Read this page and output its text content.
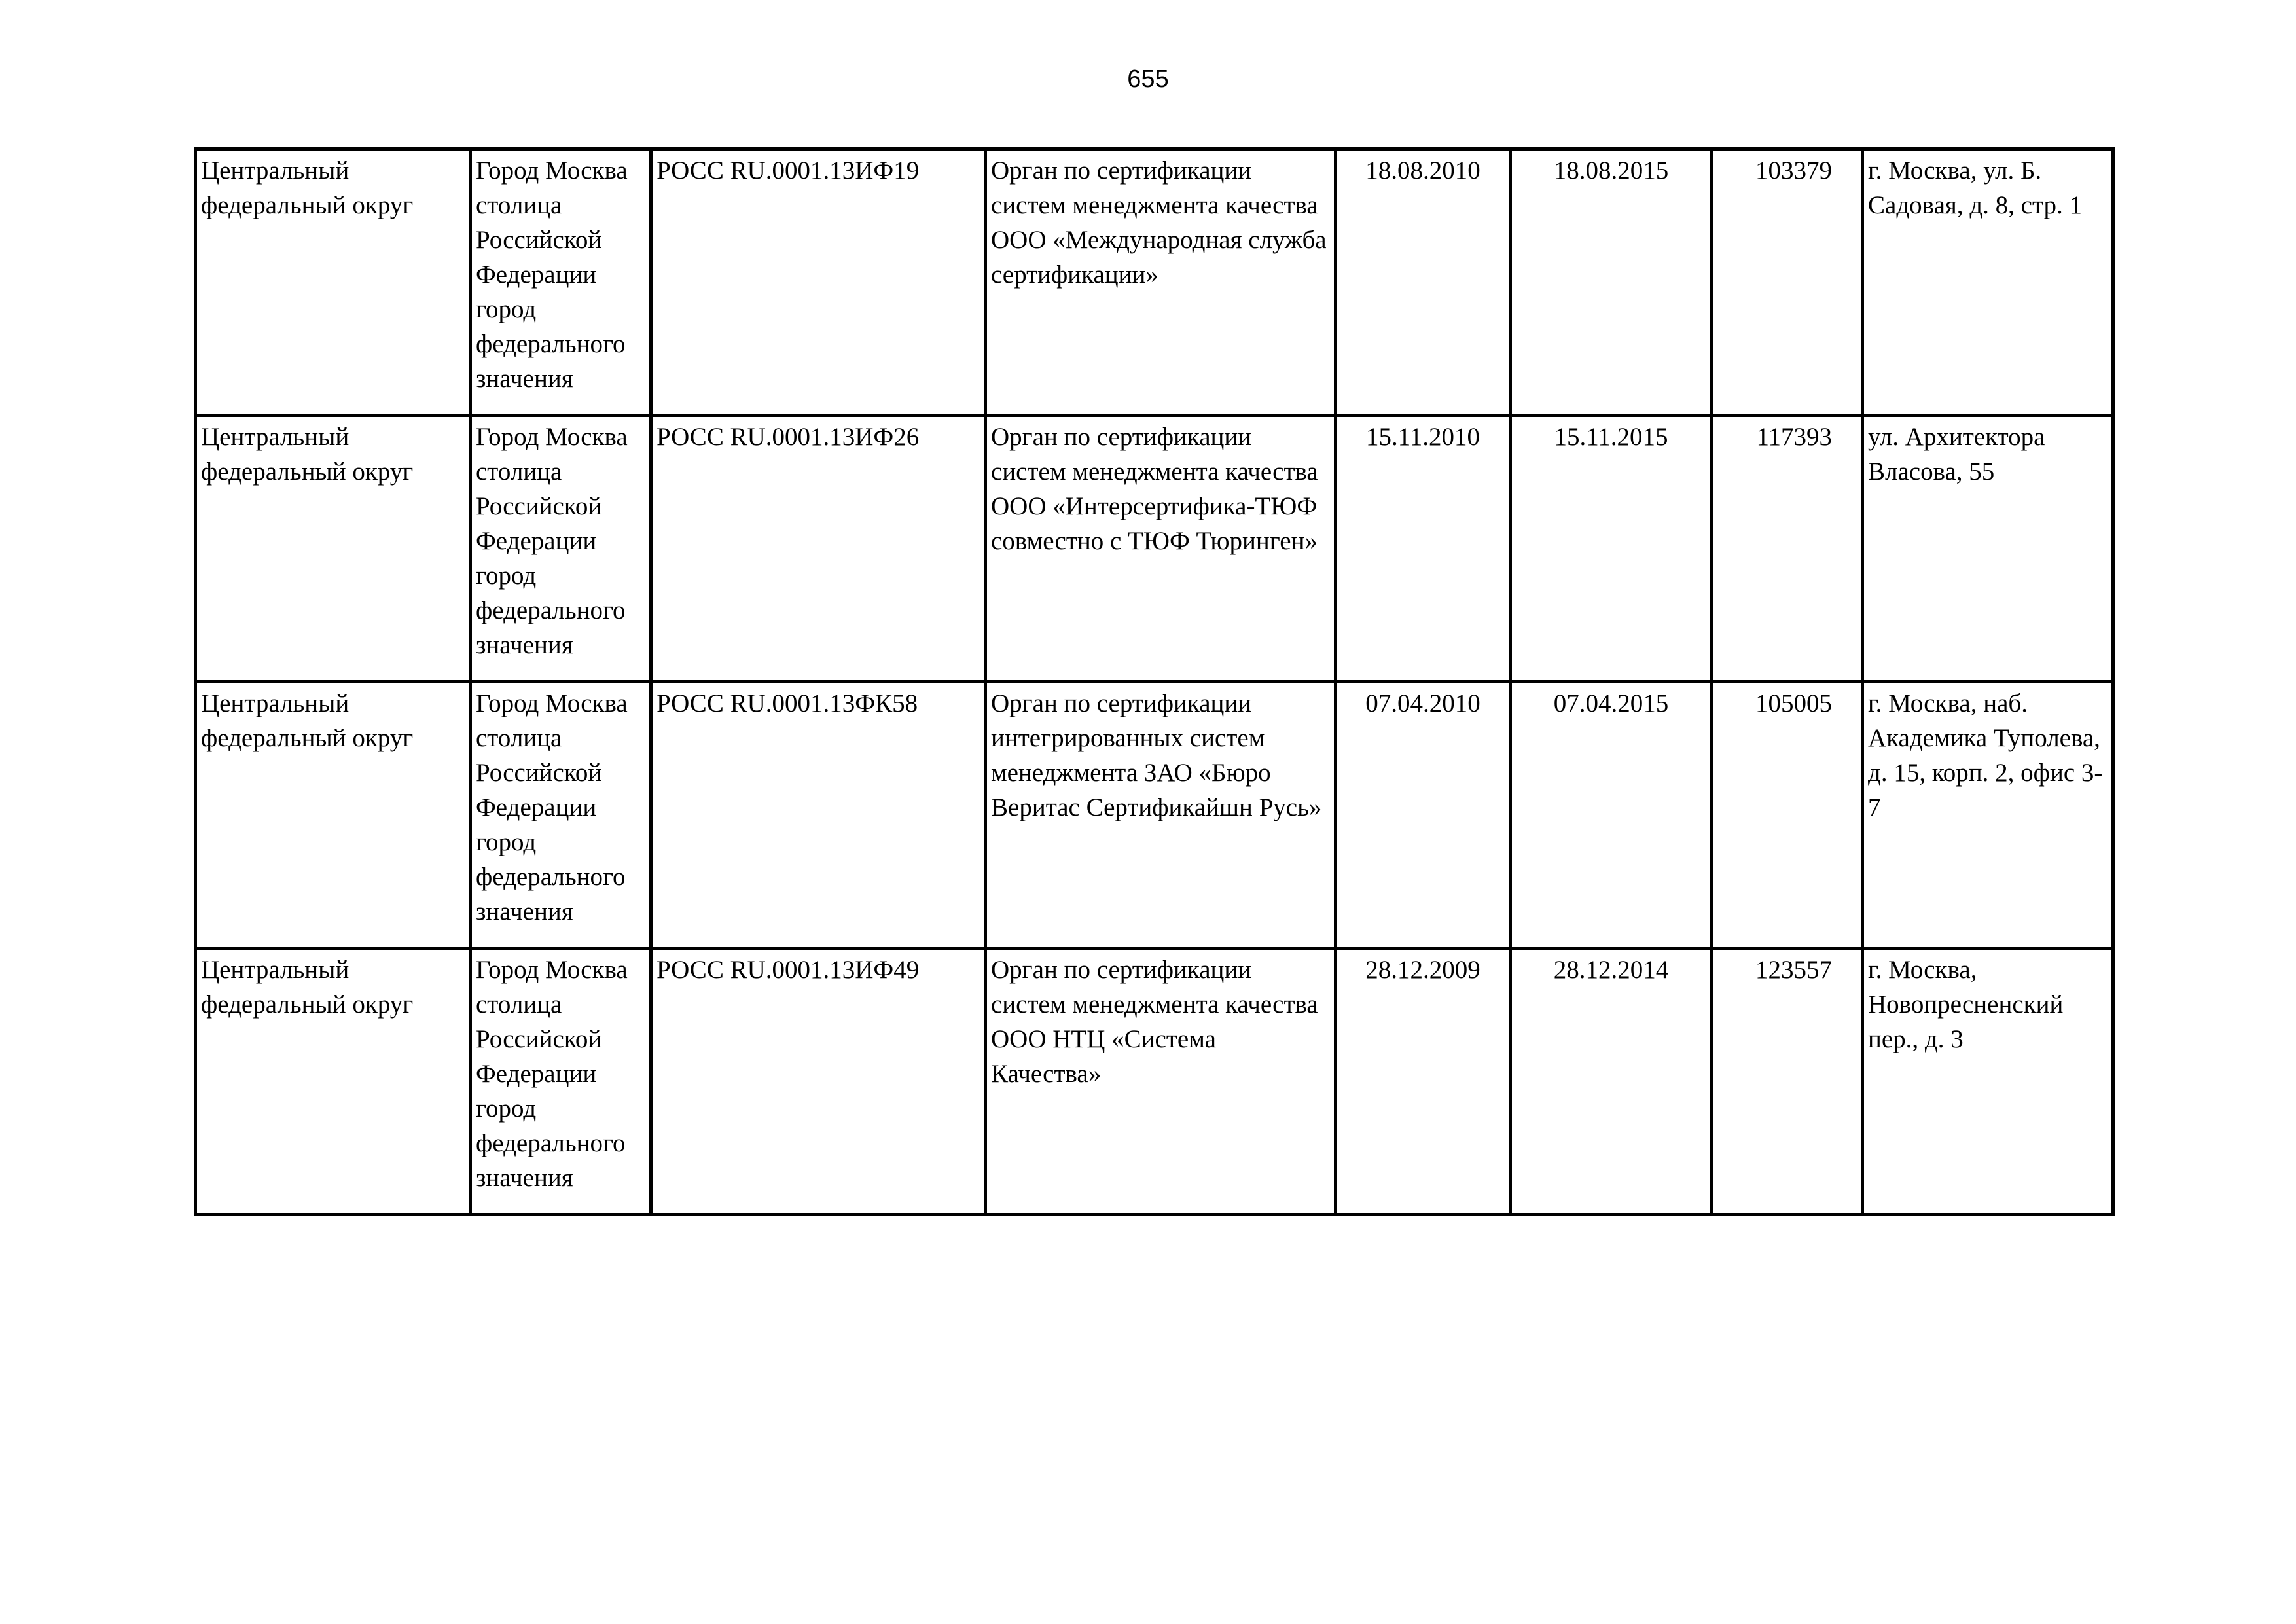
655
Центральный федеральный округ	Город Москва столица Российской Федерации город федерального значения	РОСС RU.0001.13ИФ19	Орган по сертификации систем менеджмента качества ООО «Международная служба сертификации»	18.08.2010	18.08.2015	103379	г. Москва, ул. Б. Садовая, д. 8, стр. 1

Центральный федеральный округ	Город Москва столица Российской Федерации город федерального значения	РОСС RU.0001.13ИФ26	Орган по сертификации систем менеджмента качества ООО «Интерсертифика-ТЮФ совместно с ТЮФ Тюринген»	15.11.2010	15.11.2015	117393	ул. Архитектора Власова, 55

Центральный федеральный округ	Город Москва столица Российской Федерации город федерального значения	РОСС RU.0001.13ФК58	Орган по сертификации интегрированных систем менеджмента ЗАО «Бюро Веритас Сертификайшн Русь»	07.04.2010	07.04.2015	105005	г. Москва, наб. Академика Туполева, д. 15, корп. 2, офис 3-7

Центральный федеральный округ	Город Москва столица Российской Федерации город федерального значения	РОСС RU.0001.13ИФ49	Орган по сертификации систем менеджмента качества ООО НТЦ «Система Качества»	28.12.2009	28.12.2014	123557	г. Москва, Новопресненский пер., д. 3
